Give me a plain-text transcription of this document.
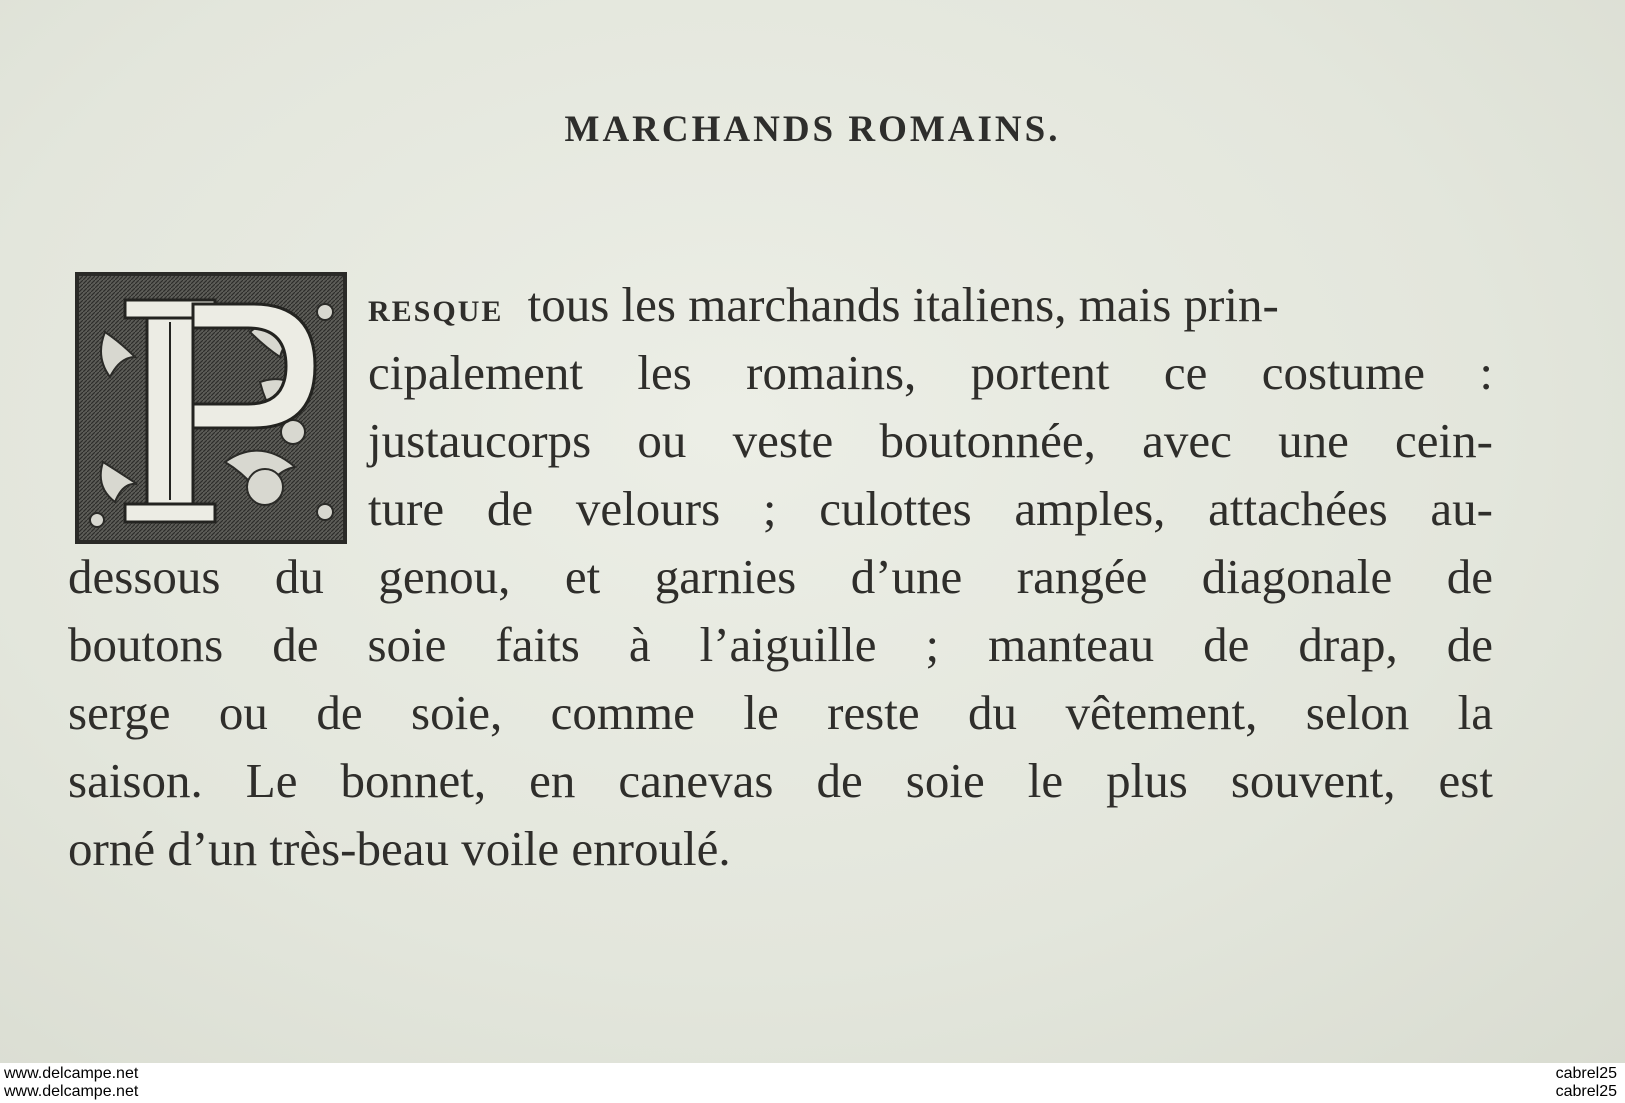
MARCHANDS ROMAINS.
RESQUE tous les marchands italiens, mais prin-
cipalement les romains, portent ce costume :
justaucorps ou veste boutonnée, avec une cein-
ture de velours ; culottes amples, attachées au-
dessous du genou, et garnies d’une rangée diagonale de
boutons de soie faits à l’aiguille ; manteau de drap, de
serge ou de soie, comme le reste du vêtement, selon la
saison. Le bonnet, en canevas de soie le plus souvent, est
orné d’un très-beau voile enroulé.
www.delcampe.net
www.delcampe.net
cabrel25
cabrel25
